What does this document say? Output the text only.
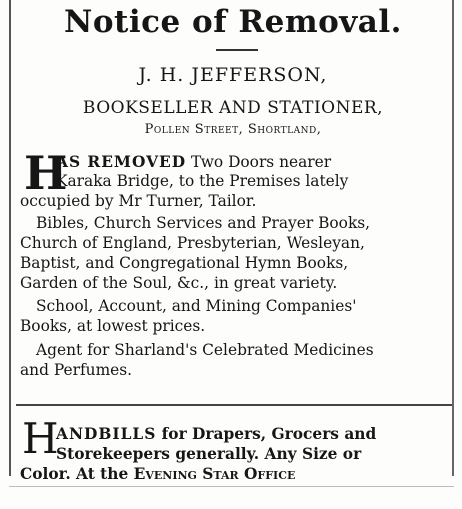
Notice of Removal.
J. H. JEFFERSON,
BOOKSELLER AND STATIONER,
Pollen Street, Shortland,
H
AS REMOVED Two Doors nearer
Karaka Bridge, to the Premises lately
occupied by Mr Turner, Tailor.
Bibles, Church Services and Prayer Books,
Church of England, Presbyterian, Wesleyan,
Baptist, and Congregational Hymn Books,
Garden of the Soul, &c., in great variety.
School, Account, and Mining Companies'
Books, at lowest prices.
Agent for Sharland's Celebrated Medicines
and Perfumes.
H
ANDBILLS for Drapers, Grocers and
Storekeepers generally. Any Size or
Color. At the Evening Star Office
